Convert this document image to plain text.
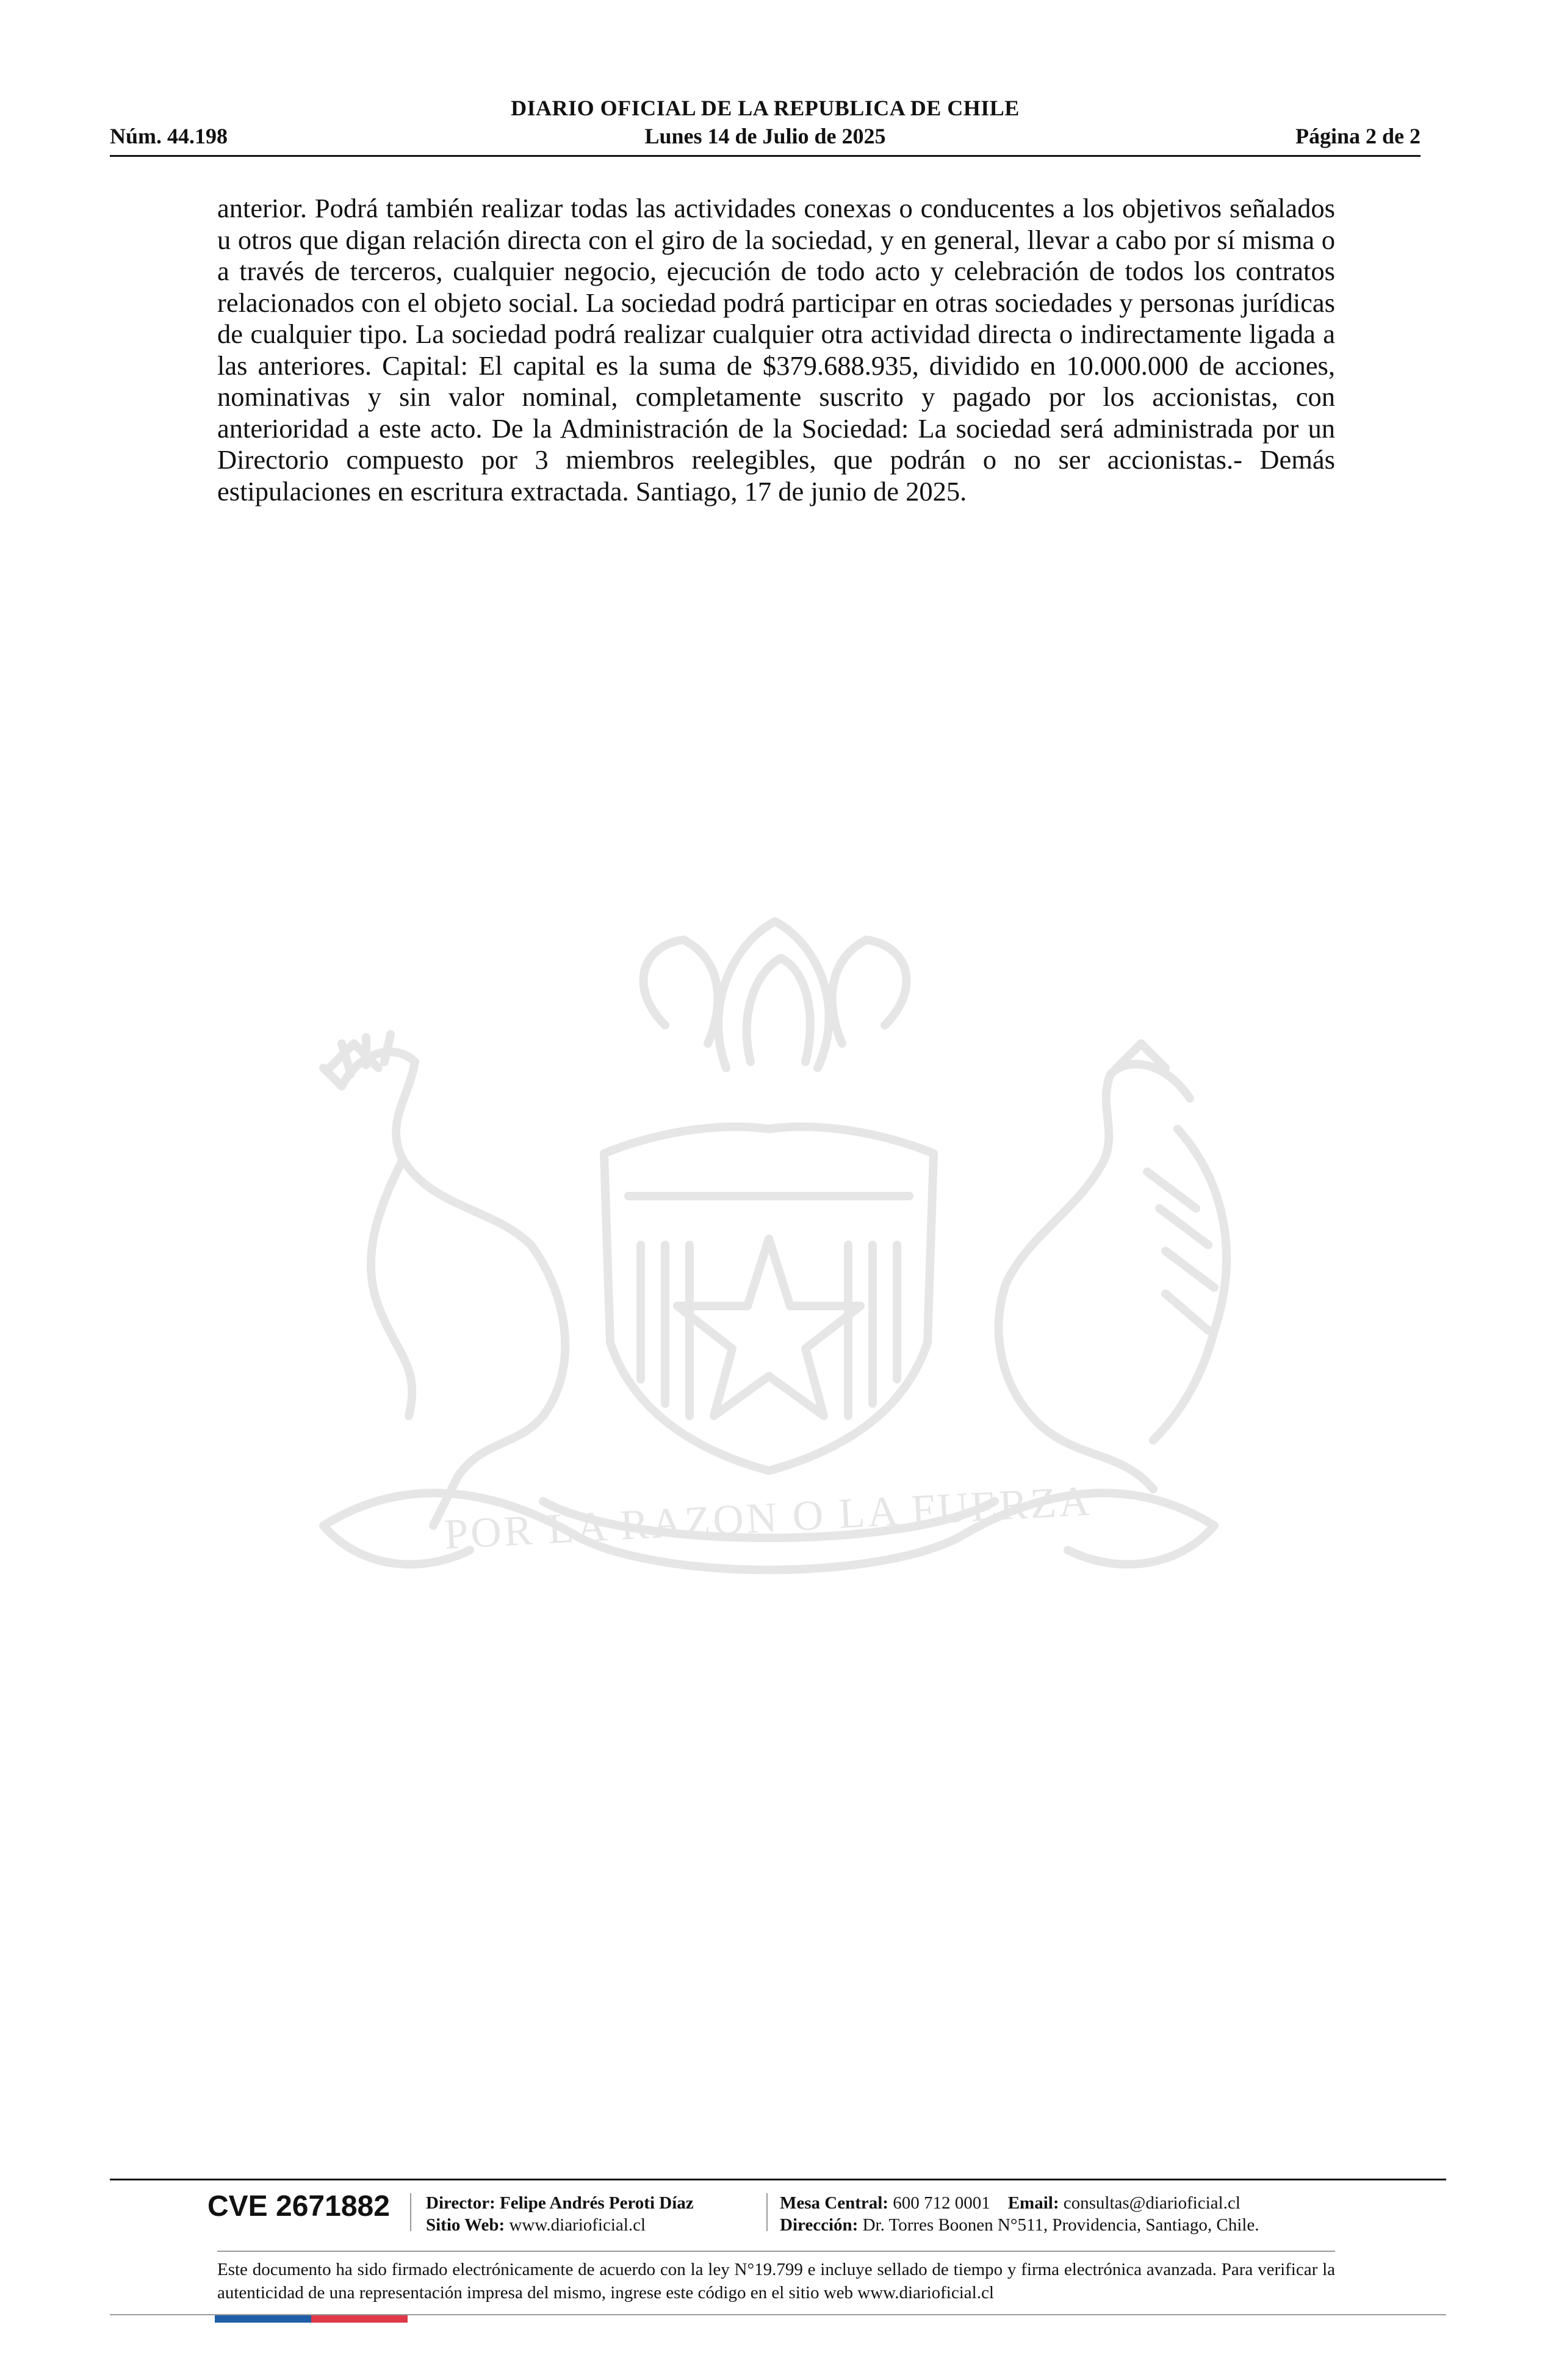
DIARIO OFICIAL DE LA REPUBLICA DE CHILE
Núm. 44.198	Lunes 14 de Julio de 2025	Página 2 de 2

anterior. Podrá también realizar todas las actividades conexas o conducentes a los objetivos señalados u otros que digan relación directa con el giro de la sociedad, y en general, llevar a cabo por sí misma o a través de terceros, cualquier negocio, ejecución de todo acto y celebración de todos los contratos relacionados con el objeto social. La sociedad podrá participar en otras sociedades y personas jurídicas de cualquier tipo. La sociedad podrá realizar cualquier otra actividad directa o indirectamente ligada a las anteriores. Capital: El capital es la suma de $379.688.935, dividido en 10.000.000 de acciones, nominativas y sin valor nominal, completamente suscrito y pagado por los accionistas, con anterioridad a este acto. De la Administración de la Sociedad: La sociedad será administrada por un Directorio compuesto por 3 miembros reelegibles, que podrán o no ser accionistas.- Demás estipulaciones en escritura extractada. Santiago, 17 de junio de 2025.

POR LA RAZON O LA FUERZA
CVE 2671882 Director: Felipe Andrés Peroti Díaz
Sitio Web: www.diarioficial.cl
Mesa Central: 600 712 0001 Email: consultas@diarioficial.cl
Dirección: Dr. Torres Boonen N°511, Providencia, Santiago, Chile.

Este documento ha sido firmado electrónicamente de acuerdo con la ley N°19.799 e incluye sellado de tiempo y firma electrónica avanzada. Para verificar la autenticidad de una representación impresa del mismo, ingrese este código en el sitio web www.diarioficial.cl
